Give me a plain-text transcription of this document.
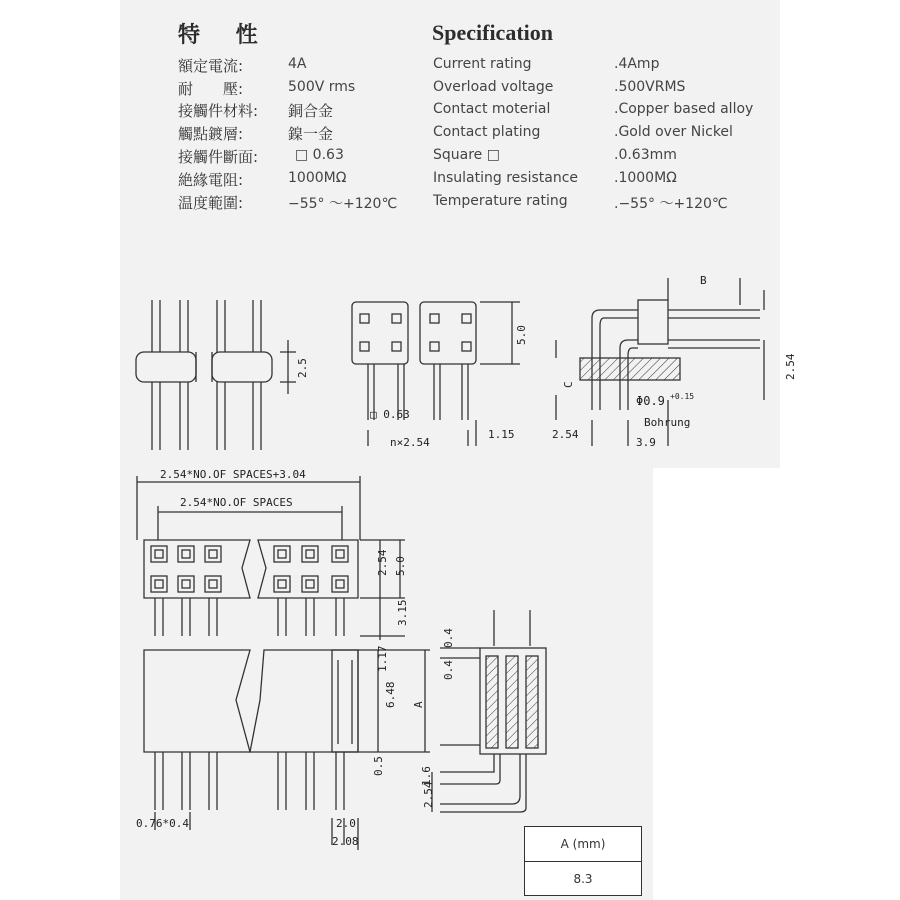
特 性	Specification
額定電流:	4A	Current rating	.4Amp
耐　　壓:	500V rms	Overload voltage	.500VRMS
接觸件材料: 銅合金	Contact moterial	.Copper based alloy
觸點鍍層:	鎳一金	Contact plating	.Gold over Nickel
接觸件斷面:	□ 0.63	Square □	.0.63mm
絶緣電阻:	1000MΩ	Insulating resistance	.1000MΩ
温度範圍:	−55° ～+120℃	Temperature rating	.−55° ～+120℃
2.5
5.0
□ 0.63
n×2.54
1.15
B
C
2.54
Φ0.9 +0.15
Bohrung
2.54
3.9
2.54*NO.OF SPACES+3.04
2.54*NO.OF SPACES
2.54 5.0
3.15
1.17
6.48 A
0.5
0.76*0.4	2.0
2.08
0.4
0.4
1.6
2.54
A (mm)
8.3
